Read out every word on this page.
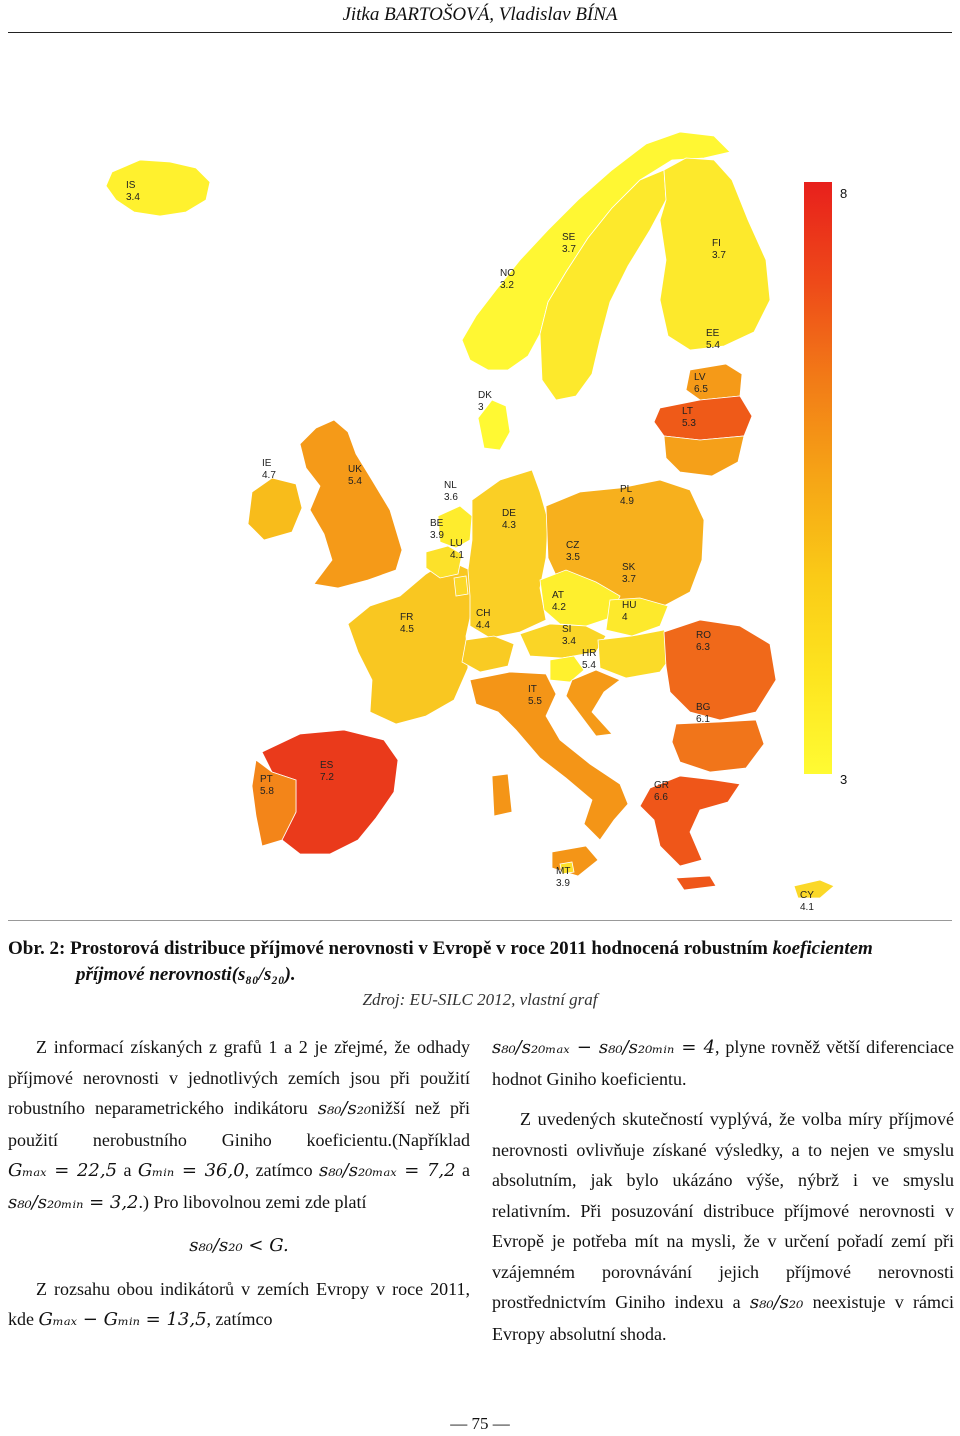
Jitka BARTOŠOVÁ, Vladislav BÍNA
IS 3.4
NO 3.2
SE 3.7
FI 3.7
EE 5.4
LV 6.5
LT 5.3
DK 3
IE 4.7
UK 5.4	NL 3.6
BE 3.9
LU 4.1
DE 4.3
PL 4.9
CZ 3.5
SK 3.7
AT 4.2	HU 4
FR 4.5
CH 4.4	SI 3.4
HR 5.4
RO 6.3
IT 5.5
BG 6.1
PT 5.8
ES 7.2
GR 6.6
MT 3.9
CY 4.1
8
3
Obr. 2: Prostorová distribuce příjmové nerovnosti v Evropě v roce 2011 hodnocená robustním koeficientem
příjmové nerovnosti(s₈₀/s₂₀).
Zdroj: EU-SILC 2012, vlastní graf

Z informací získaných z grafů 1 a 2 je zřejmé, že odhady příjmové nerovnosti v jednotlivých zemích jsou při použití robustního neparametrického indikátoru s₈₀/s₂₀nižší než při použití nerobustního Giniho koeficientu.(Například Gₘₐₓ = 22,5 a Gₘᵢₙ = 36,0, zatímco s₈₀/s₂₀ₘₐₓ = 7,2 a s₈₀/s₂₀ₘᵢₙ = 3,2.) Pro libovolnou zemi zde platí

s₈₀/s₂₀ < G.

Z rozsahu obou indikátorů v zemích Evropy v roce 2011, kde Gₘₐₓ − Gₘᵢₙ = 13,5, zatímco

s₈₀/s₂₀ₘₐₓ − s₈₀/s₂₀ₘᵢₙ = 4, plyne rovněž větší diferenciace hodnot Giniho koeficientu.

Z uvedených skutečností vyplývá, že volba míry příjmové nerovnosti ovlivňuje získané výsledky, a to nejen ve smyslu absolutním, jak bylo ukázáno výše, nýbrž i ve smyslu relativním. Při posuzování distribuce příjmové nerovnosti v Evropě je potřeba mít na mysli, že v určení pořadí zemí při vzájemném porovnávání jejich příjmové nerovnosti prostřednictvím Giniho indexu a s₈₀/s₂₀ neexistuje v rámci Evropy absolutní shoda.

— 75 —
